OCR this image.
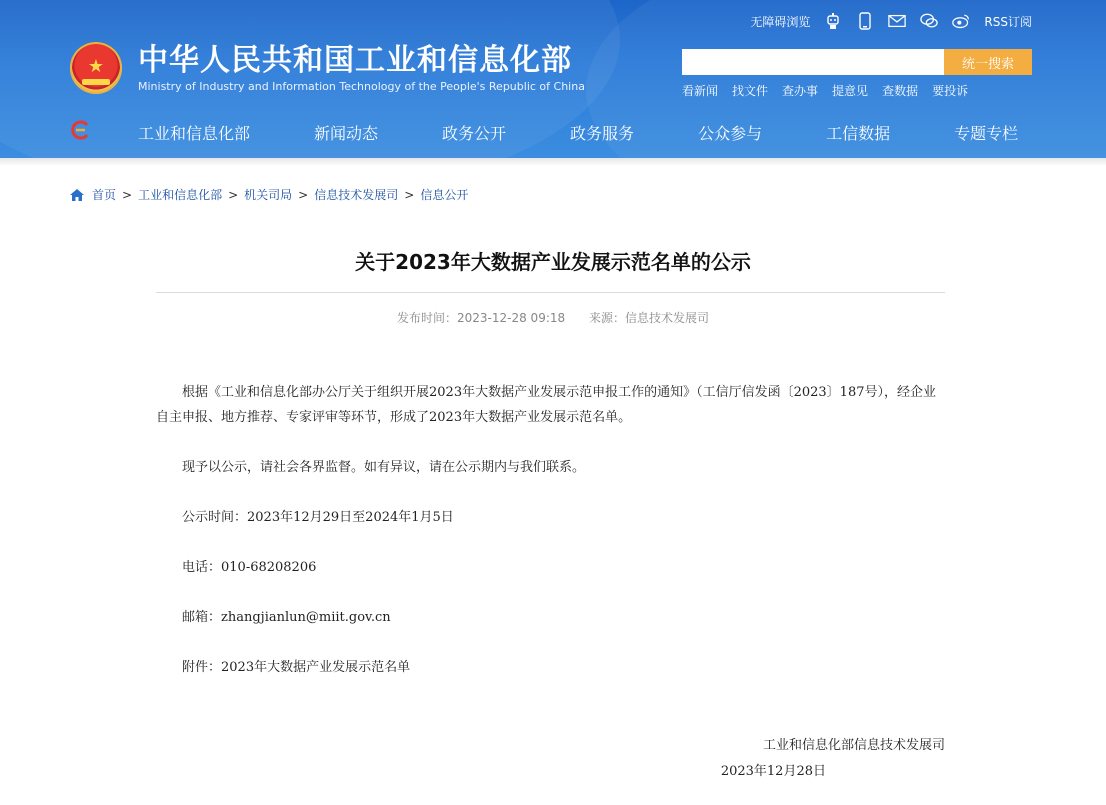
★ 中华人民共和国工业和信息化部
Ministry of Industry and Information Technology of the People's Republic of China
无障碍浏览	RSS订阅
统一搜索
看新闻 找文件 查办事 提意见 查数据 要投诉
工业和信息化部	新闻动态	政务公开	政务服务	公众参与	工信数据	专题专栏
首页 > 工业和信息化部 > 机关司局 > 信息技术发展司 > 信息公开
关于2023年大数据产业发展示范名单的公示
发布时间：2023-12-28 09:18 来源：信息技术发展司

根据《工业和信息化部办公厅关于组织开展2023年大数据产业发展示范申报工作的通知》（工信厅信发函〔2023〕187号），经企业自主申报、地方推荐、专家评审等环节，形成了2023年大数据产业发展示范名单。

现予以公示，请社会各界监督。如有异议，请在公示期内与我们联系。

公示时间：2023年12月29日至2024年1月5日

电话：010-68208206

邮箱：zhangjianlun@miit.gov.cn

附件：2023年大数据产业发展示范名单

工业和信息化部信息技术发展司
2023年12月28日
